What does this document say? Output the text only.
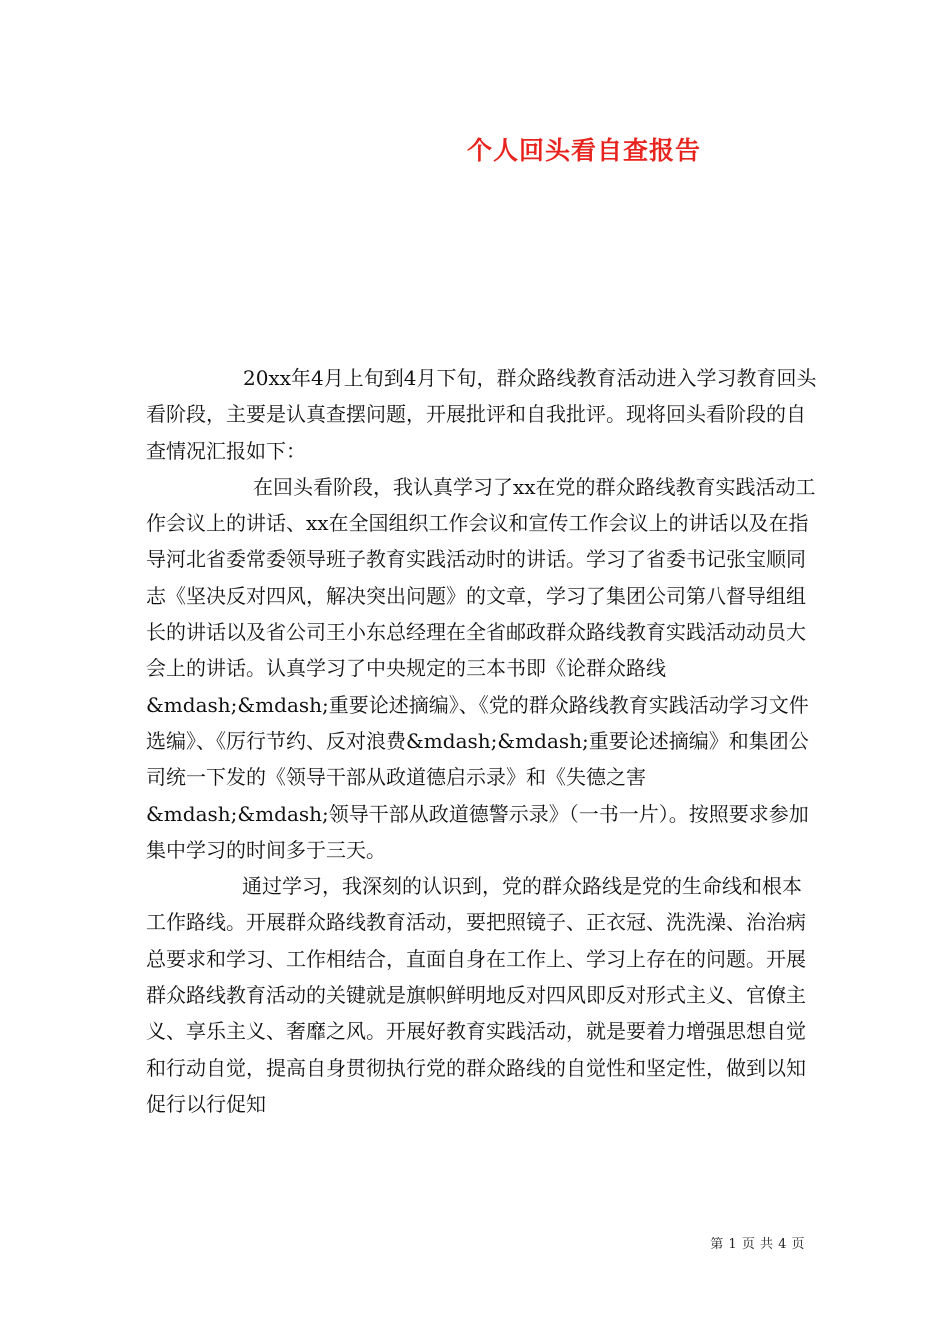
个人回头看自查报告

20xx年4月上旬到4月下旬，群众路线教育活动进入学习教育回头看阶段，主要是认真查摆问题，开展批评和自我批评。现将回头看阶段的自查情况汇报如下：

在回头看阶段，我认真学习了xx在党的群众路线教育实践活动工作会议上的讲话、xx在全国组织工作会议和宣传工作会议上的讲话以及在指导河北省委常委领导班子教育实践活动时的讲话。学习了省委书记张宝顺同志《坚决反对四风，解决突出问题》的文章，学习了集团公司第八督导组组长的讲话以及省公司王小东总经理在全省邮政群众路线教育实践活动动员大会上的讲话。认真学习了中央规定的三本书即《论群众路线&mdash;&mdash;重要论述摘编》、《党的群众路线教育实践活动学习文件选编》、《厉行节约、反对浪费&mdash;&mdash;重要论述摘编》和集团公司统一下发的《领导干部从政道德启示录》和《失德之害&mdash;&mdash;领导干部从政道德警示录》（一书一片）。按照要求参加集中学习的时间多于三天。

通过学习，我深刻的认识到，党的群众路线是党的生命线和根本工作路线。开展群众路线教育活动，要把照镜子、正衣冠、洗洗澡、治治病总要求和学习、工作相结合，直面自身在工作上、学习上存在的问题。开展群众路线教育活动的关键就是旗帜鲜明地反对四风即反对形式主义、官僚主义、享乐主义、奢靡之风。开展好教育实践活动，就是要着力增强思想自觉和行动自觉，提高自身贯彻执行党的群众路线的自觉性和坚定性，做到以知促行以行促知

第 1 页 共 4 页
